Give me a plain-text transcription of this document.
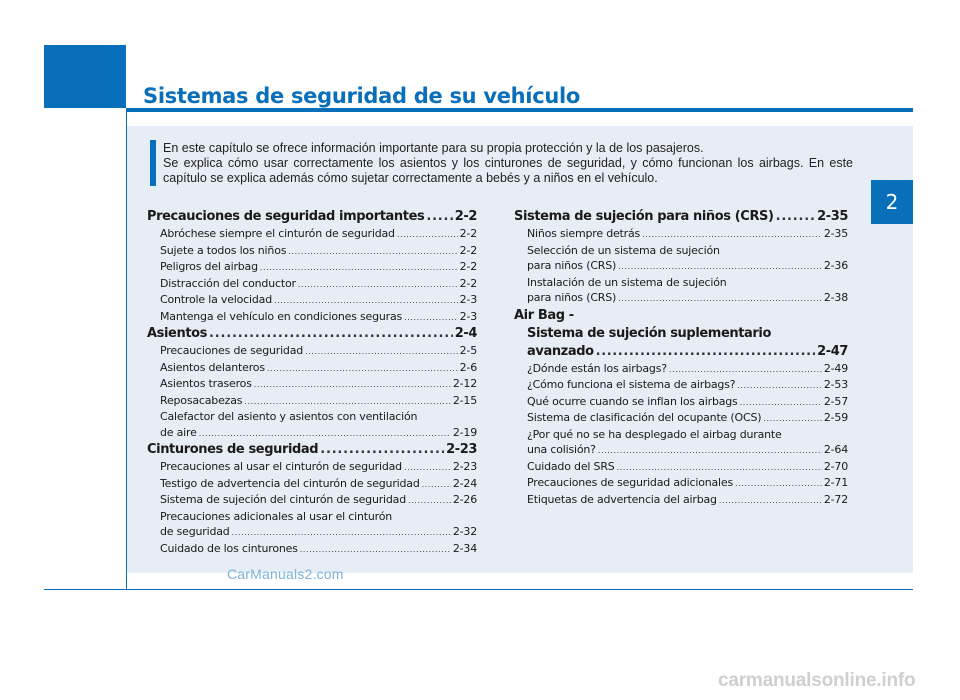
Sistemas de seguridad de su vehículo

En este capítulo se ofrece información importante para su propia protección y la de los pasajeros.

Se explica cómo usar correctamente los asientos y los cinturones de seguridad, y cómo funcionan los airbags. En este capítulo se explica además cómo sujetar correctamente a bebés y a niños en el vehículo.

2
Precauciones de seguridad importantes ..... 2-2
Abróchese siempre el cinturón de seguridad .....	2-2
Sujete a todos los niños .....	2-2
Peligros del airbag .....	2-2
Distracción del conductor .....	2-2
Controle la velocidad .....	2-3
Mantenga el vehículo en condiciones seguras .....	2-3
Asientos .....	2-4
Precauciones de seguridad .....	2-5
Asientos delanteros .....	2-6
Asientos traseros .....	2-12
Reposacabezas .....	2-15
Calefactor del asiento y asientos con ventilación
de aire .....	2-19
Cinturones de seguridad .....	2-23
Precauciones al usar el cinturón de seguridad .....	2-23
Testigo de advertencia del cinturón de seguridad .....	2-24
Sistema de sujeción del cinturón de seguridad .....	2-26
Precauciones adicionales al usar el cinturón
de seguridad .....	2-32
Cuidado de los cinturones .....	2-34
Sistema de sujeción para niños (CRS) .....	2-35
Niños siempre detrás .....	2-35
Selección de un sistema de sujeción
para niños (CRS) .....	2-36
Instalación de un sistema de sujeción
para niños (CRS) .....	2-38
Air Bag -
Sistema de sujeción suplementario
avanzado .....	2-47
¿Dónde están los airbags? .....	2-49
¿Cómo funciona el sistema de airbags? .....	2-53
Qué ocurre cuando se inflan los airbags .....	2-57
Sistema de clasificación del ocupante (OCS) .....	2-59
¿Por qué no se ha desplegado el airbag durante
una colisión? .....	2-64
Cuidado del SRS .....	2-70
Precauciones de seguridad adicionales .....	2-71
Etiquetas de advertencia del airbag .....	2-72
CarManuals2.com
carmanualsonline.info
